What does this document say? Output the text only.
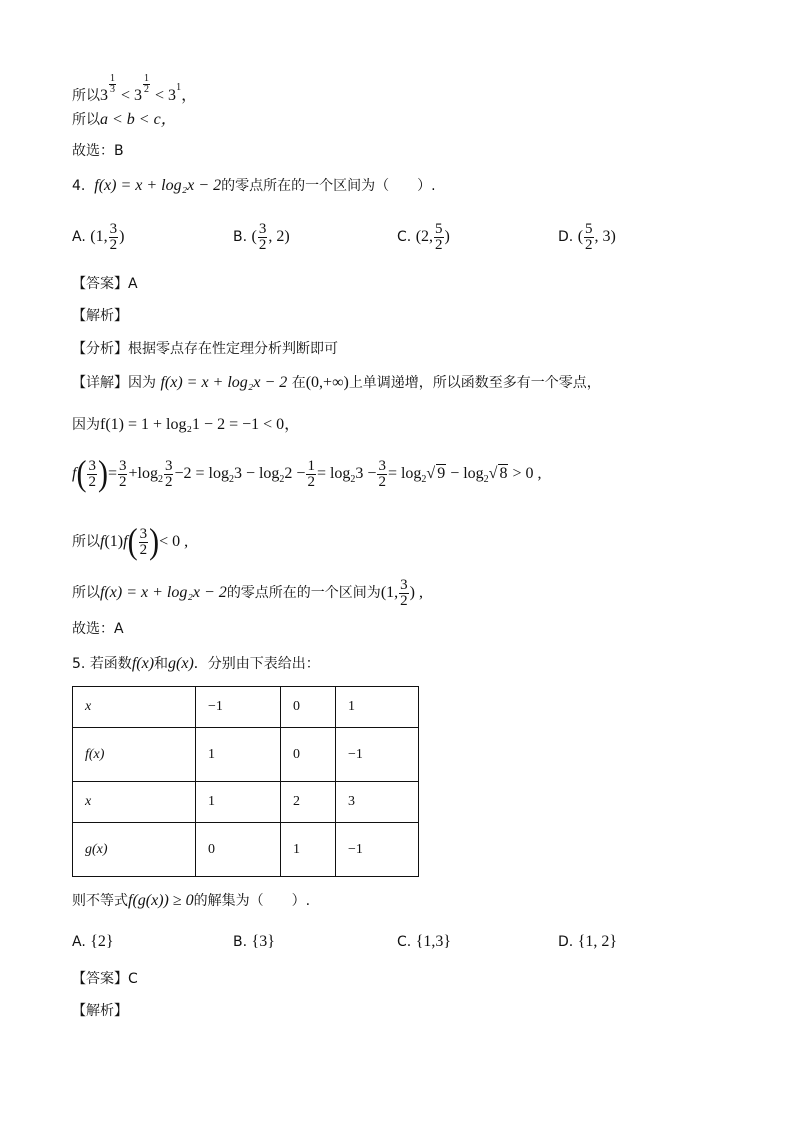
所以3
$\frac{1}{3}$
< 3
$\frac{1}{2}$
< $3^1$，
所以a < b < c，
故选：B
4. f(x) = x + log₂x − 2的零点所在的一个区间为（　　）.
A. (1, $\frac{3}{2}$ )	B. ( $\frac{3}{2}$ , 2)	C. (2, $\frac{5}{2}$ )	D. ( $\frac{5}{2}$ , 3)
【答案】A
【解析】
【分析】根据零点存在性定理分析判断即可
【详解】因为 f(x) = x + log₂x − 2 在(0,+∞)上单调递增，所以函数至多有一个零点，
因为f(1) = 1 + log₂1 − 2 = −1 < 0，
$f( \frac{3}{2}$ )= $\frac{3}{2} +\log_2 \frac{3}{2} -2 = \log_23 - \log_22 - \frac{1}{2} = \log_23 - \frac{3}{2} = \log_2√$ $9 - \log_2√$ 8 > 0 ,
所以$f(1)f( \frac{3}{2}$ )< 0 ,
所以f(x) = x + log₂x − 2的零点所在的一个区间为(1, $\frac{3}{2}$ ) ,
故选：A
5. 若函数f(x)和g(x)．分别由下表给出：
x	−1	0	1
f(x)	1	0	−1
x	1	2	3
g(x)	0	1	−1
则不等式f(g(x)) ≥ 0的解集为（　　）.
A. {2}	B. {3}	C. {1,3}	D. {1, 2}
【答案】C
【解析】
